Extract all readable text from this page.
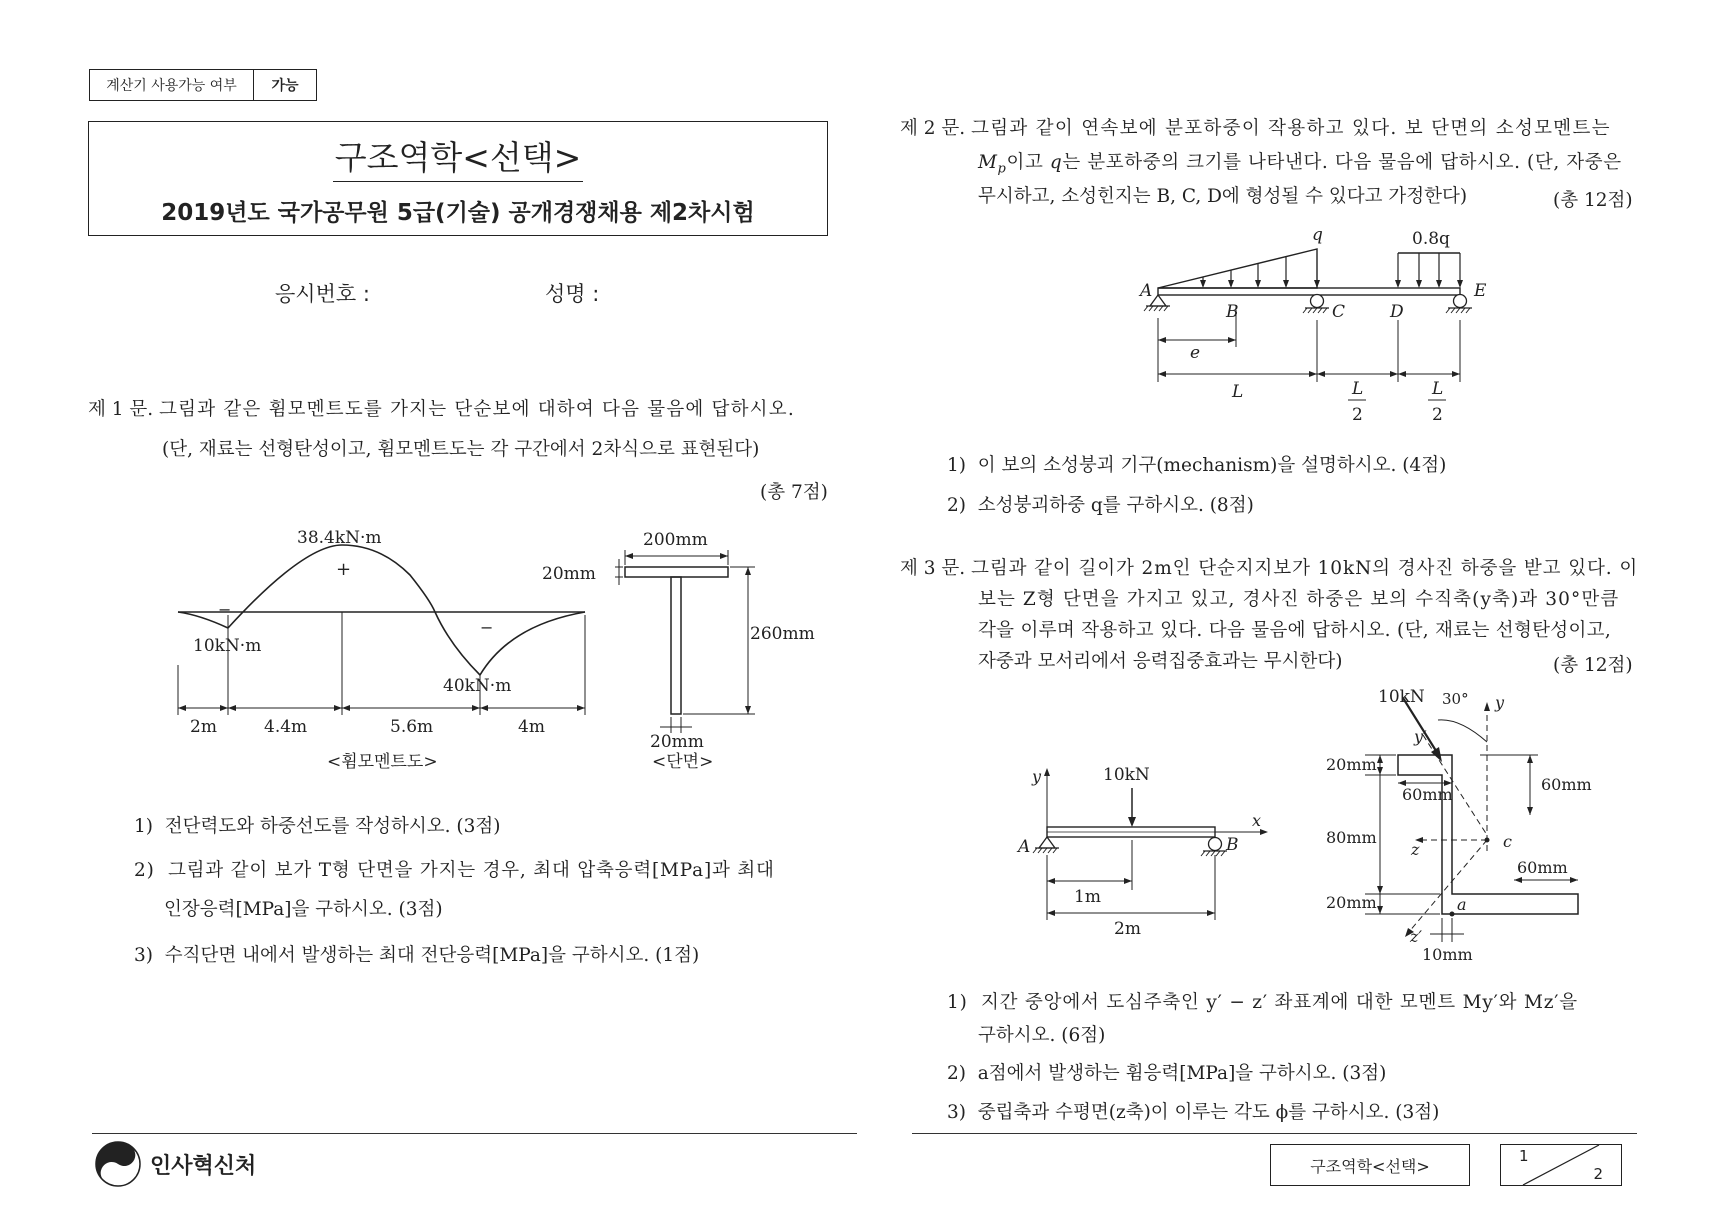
계산기 사용가능 여부	가능
구조역학<선택>
2019년도 국가공무원 5급(기술) 공개경쟁채용 제2차시험
응시번호 :	성명 :
제 1 문. 그림과 같은 휨모멘트도를 가지는 단순보에 대하여 다음 물음에 답하시오.
(단, 재료는 선형탄성이고, 휨모멘트도는 각 구간에서 2차식으로 표현된다)
(총 7점)
38.4kN·m
+
−
−
10kN·m
40kN·m
2m	4.4m	5.6m	4m
<휨모멘트도>
200mm
20mm
260mm
20mm
<단면>
1) 전단력도와 하중선도를 작성하시오. (3점)
2) 그림과 같이 보가 T형 단면을 가지는 경우, 최대 압축응력[MPa]과 최대
인장응력[MPa]을 구하시오. (3점)
3) 수직단면 내에서 발생하는 최대 전단응력[MPa]을 구하시오. (1점)
제 2 문. 그림과 같이 연속보에 분포하중이 작용하고 있다. 보 단면의 소성모멘트는
$M_p$이고 q는 분포하중의 크기를 나타낸다. 다음 물음에 답하시오. (단, 자중은
무시하고, 소성힌지는 B, C, D에 형성될 수 있다고 가정한다)	(총 12점)
q	0.8q
A
B	C	D
E
e
L	L
2
L
2
1) 이 보의 소성붕괴 기구(mechanism)을 설명하시오. (4점)
2) 소성붕괴하중 q를 구하시오. (8점)
제 3 문. 그림과 같이 길이가 2m인 단순지지보가 10kN의 경사진 하중을 받고 있다. 이
보는 Z형 단면을 가지고 있고, 경사진 하중은 보의 수직축(y축)과 30°만큼
각을 이루며 작용하고 있다. 다음 물음에 답하시오. (단, 재료는 선형탄성이고,
자중과 모서리에서 응력집중효과는 무시한다)	(총 12점)
y
x
10kN
A	B
1m
2m
y
10kN 30°
y′
z′
z	c
a
20mm
80mm
20mm
60mm
60mm
60mm
10mm
1) 지간 중앙에서 도심주축인 y′ − z′ 좌표계에 대한 모멘트 My′와 Mz′을
구하시오. (6점)
2) a점에서 발생하는 휨응력[MPa]을 구하시오. (3점)
3) 중립축과 수평면(z축)이 이루는 각도 ϕ를 구하시오. (3점)
인사혁신처	구조역학<선택>
1
2
